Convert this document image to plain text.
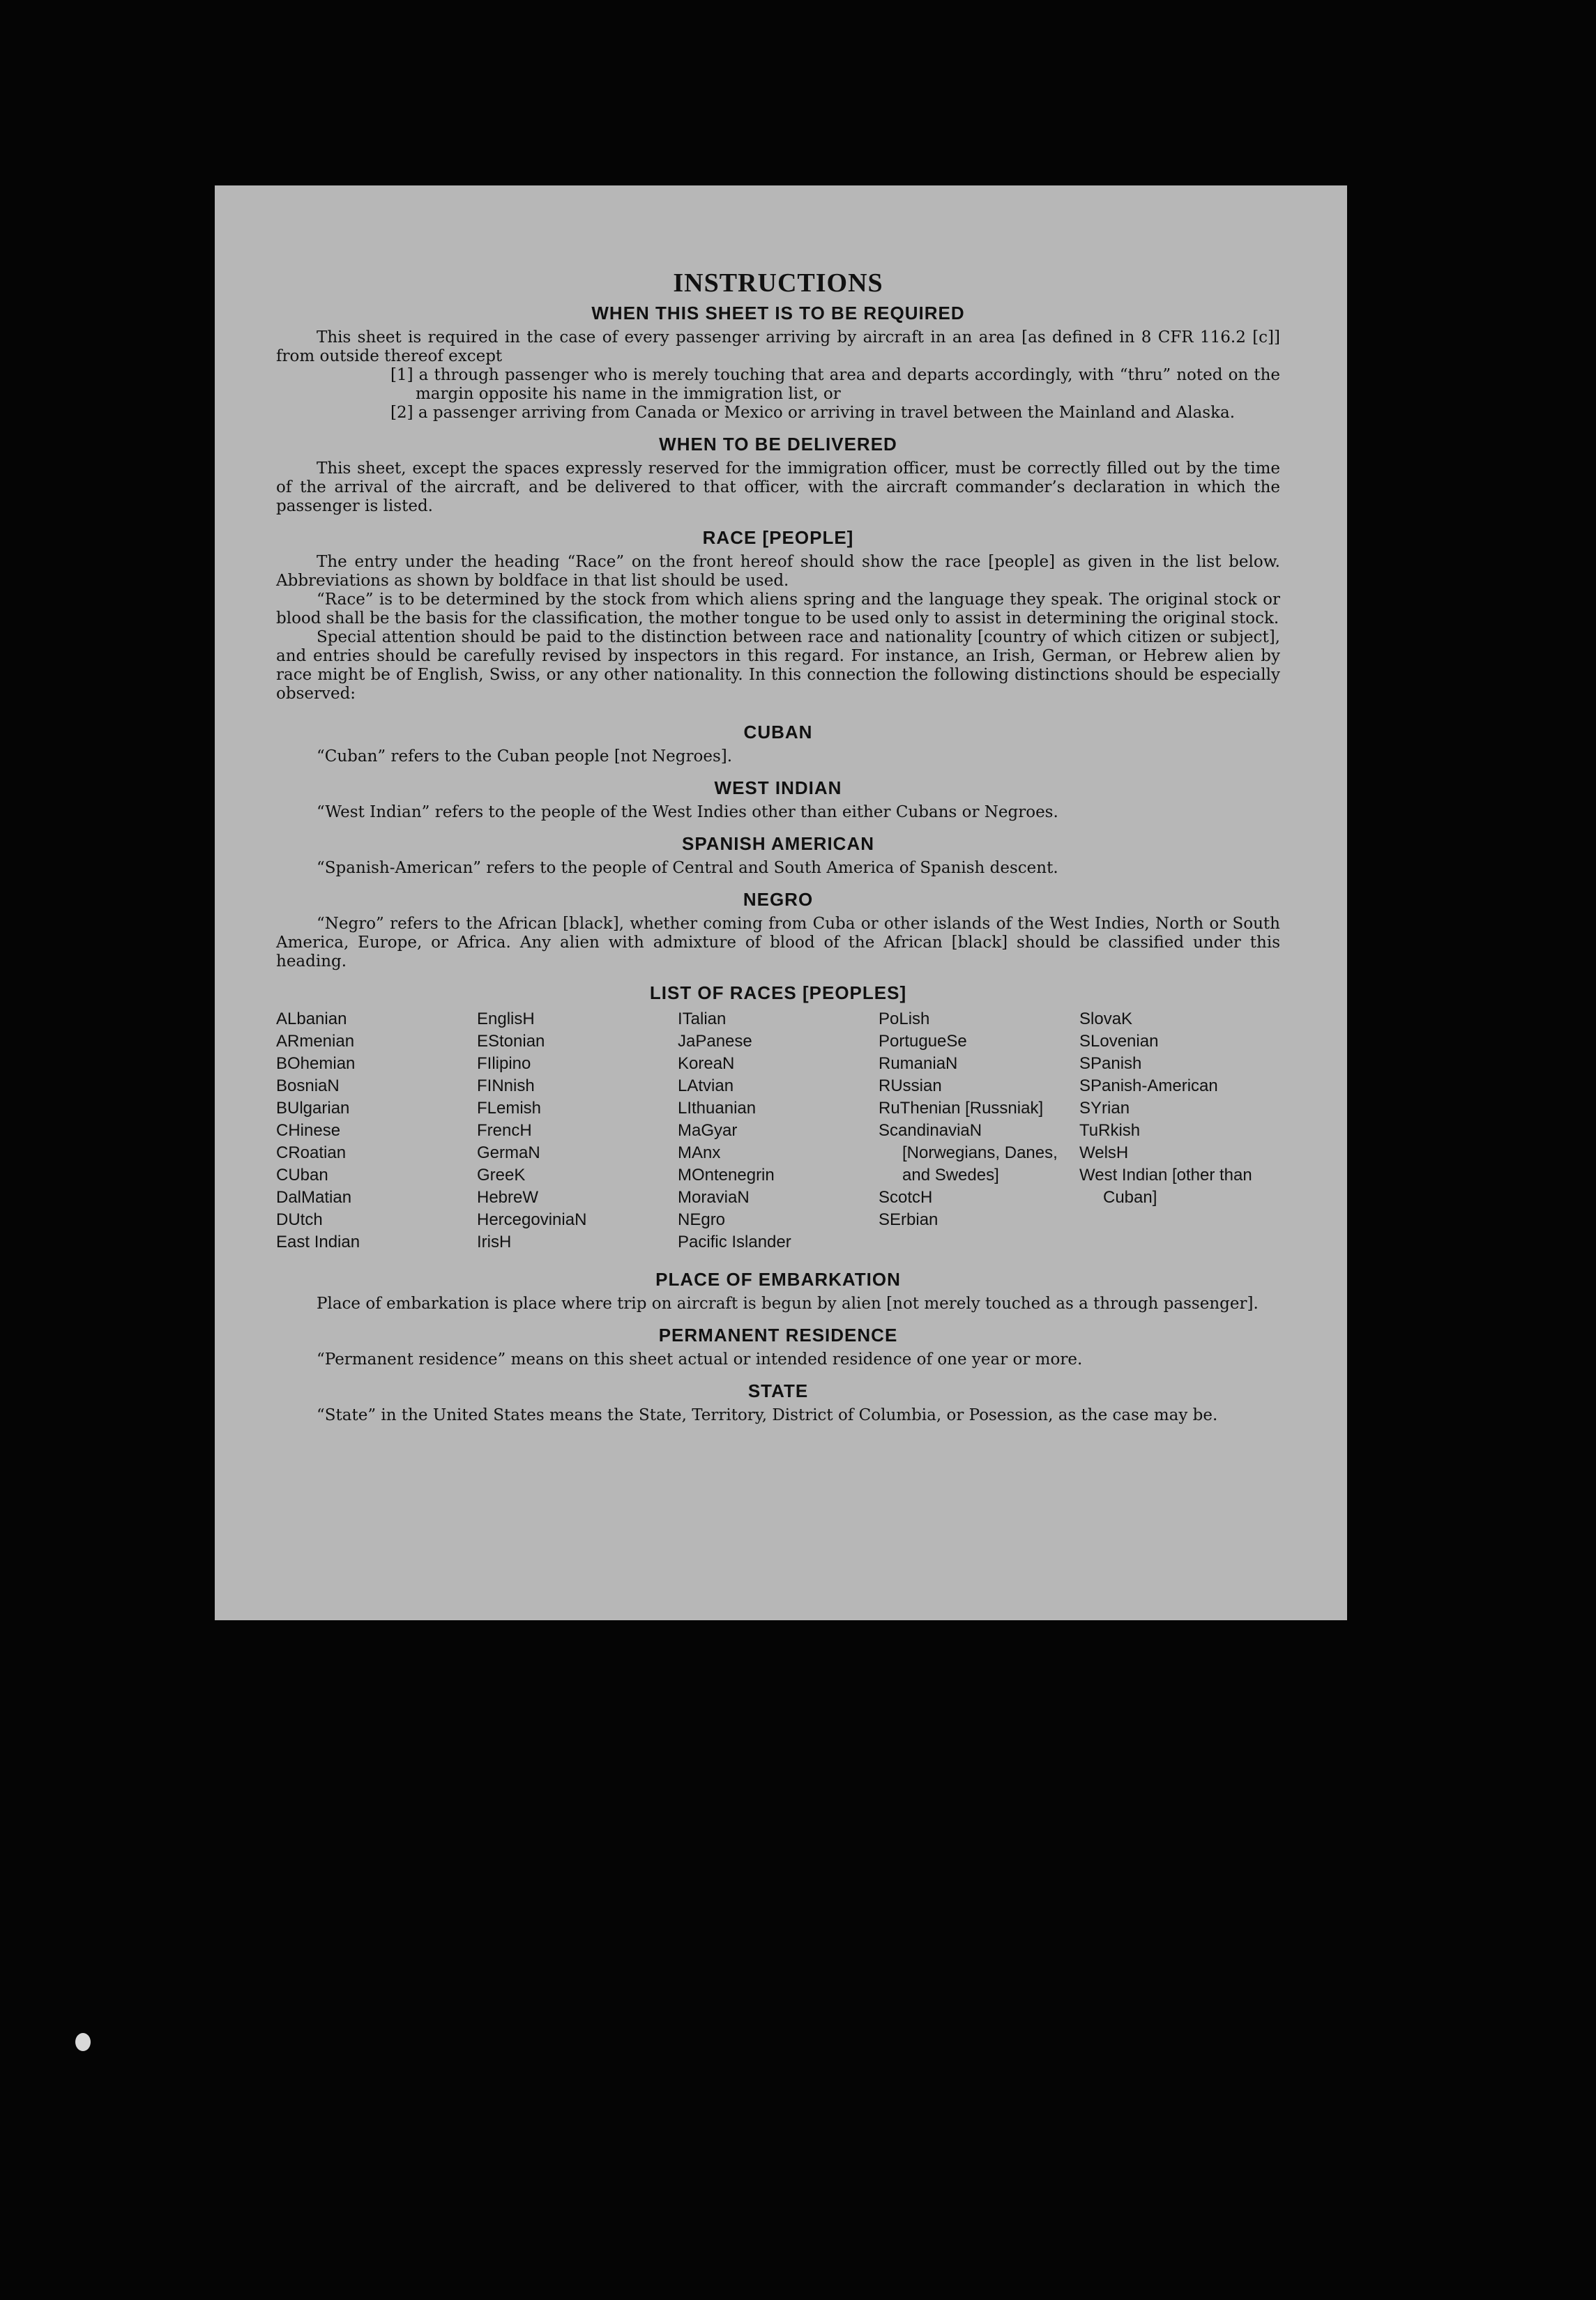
INSTRUCTIONS
WHEN THIS SHEET IS TO BE REQUIRED

This sheet is required in the case of every passenger arriving by aircraft in an area [as defined in 8 CFR 116.2 [c]] from outside thereof except

[1] a through passenger who is merely touching that area and departs accordingly, with “thru” noted on the margin opposite his name in the immigration list, or

[2] a passenger arriving from Canada or Mexico or arriving in travel between the Mainland and Alaska.

WHEN TO BE DELIVERED

This sheet, except the spaces expressly reserved for the immigration officer, must be correctly filled out by the time of the arrival of the aircraft, and be delivered to that officer, with the aircraft commander’s declaration in which the passenger is listed.

RACE [PEOPLE]

The entry under the heading “Race” on the front hereof should show the race [people] as given in the list below. Abbreviations as shown by boldface in that list should be used.

“Race” is to be determined by the stock from which aliens spring and the language they speak. The original stock or blood shall be the basis for the classification, the mother tongue to be used only to assist in determining the original stock.

Special attention should be paid to the distinction between race and nationality [country of which citizen or subject], and entries should be carefully revised by inspectors in this regard. For instance, an Irish, German, or Hebrew alien by race might be of English, Swiss, or any other nationality. In this connection the following distinctions should be especially observed:

CUBAN

“Cuban” refers to the Cuban people [not Negroes].

WEST INDIAN

“West Indian” refers to the people of the West Indies other than either Cubans or Negroes.

SPANISH AMERICAN

“Spanish-American” refers to the people of Central and South America of Spanish descent.

NEGRO

“Negro” refers to the African [black], whether coming from Cuba or other islands of the West Indies, North or South America, Europe, or Africa. Any alien with admixture of blood of the African [black] should be classified under this heading.

LIST OF RACES [PEOPLES]
ALbanian
ARmenian
BOhemian
BosniaN
BUlgarian
CHinese
CRoatian
CUban
DalMatian
DUtch
East Indian
EnglisH
EStonian
FIlipino
FINnish
FLemish
FrencH
GermaN
GreeK
HebreW
HercegoviniaN
IrisH
ITalian
JaPanese
KoreaN
LAtvian
LIthuanian
MaGyar
MAnx
MOntenegrin
MoraviaN
NEgro
Pacific Islander
PoLish
PortugueSe
RumaniaN
RUssian
RuThenian [Russniak]
ScandinaviaN [Norwegians, Danes, and Swedes]
ScotcH
SErbian
SlovaK
SLovenian
SPanish
SPanish-American
SYrian
TuRkish
WelsH
West Indian [other than Cuban]
PLACE OF EMBARKATION

Place of embarkation is place where trip on aircraft is begun by alien [not merely touched as a through passenger].

PERMANENT RESIDENCE

“Permanent residence” means on this sheet actual or intended residence of one year or more.

STATE

“State” in the United States means the State, Territory, District of Columbia, or Posession, as the case may be.
